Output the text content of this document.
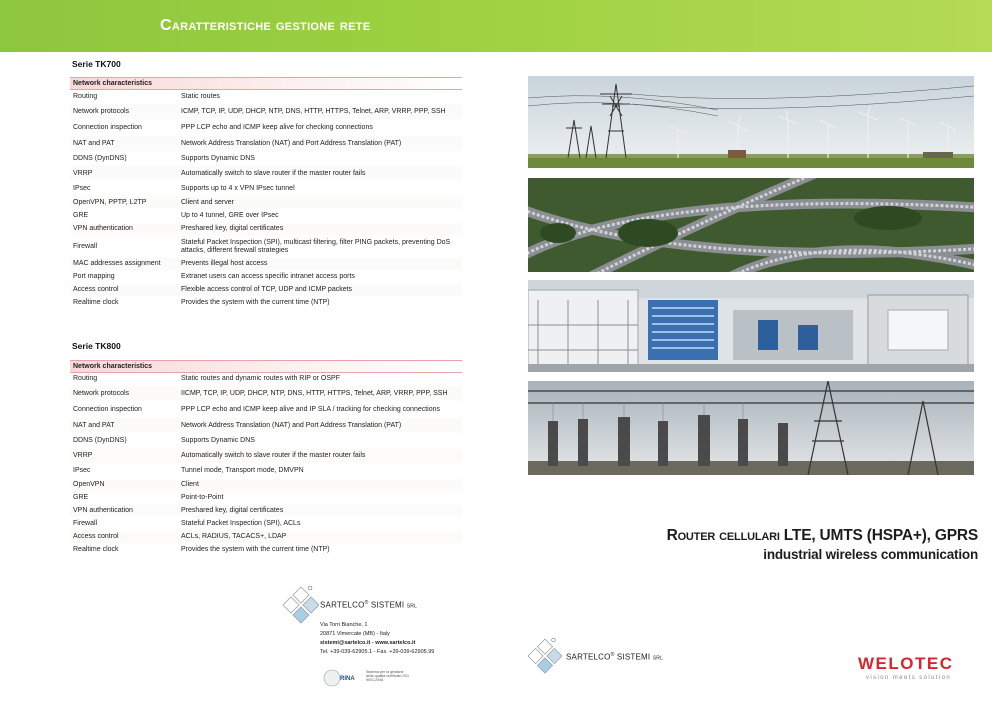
Caratteristiche gestione rete
Serie TK700
Network characteristics	
Routing	Static routes
Network protocols	ICMP, TCP, IP, UDP, DHCP, NTP, DNS, HTTP, HTTPS, Telnet, ARP, VRRP, PPP, SSH
Connection inspection	PPP LCP echo and ICMP keep alive for checking connections
NAT and PAT	Network Address Translation (NAT) and Port Address Translation (PAT)
DDNS (DynDNS)	Supports Dynamic DNS
VRRP	Automatically switch to slave router if the master router fails
IPsec	Supports up to 4 x VPN IPsec tunnel
OpenVPN, PPTP, L2TP	Client and server
GRE	Up to 4 tunnel, GRE over IPsec
VPN authentication	Preshared key, digital certificates
Firewall	Stateful Packet Inspection (SPI), multicast filtering, filter PING packets, preventing DoS attacks, different firewall strategies
MAC addresses assignment	Prevents illegal host access
Port mapping	Extranet users can access specific intranet access ports
Access control	Flexible access control of TCP, UDP and ICMP packets
Realtime clock	Provides the system with the current time (NTP)
Serie TK800
Network characteristics	
Routing	Static routes and dynamic routes with RIP or OSPF
Network protocols	IICMP, TCP, IP, UDP, DHCP, NTP, DNS, HTTP, HTTPS, Telnet, ARP, VRRP, PPP, SSH
Connection inspection	PPP LCP echo and ICMP keep alive and IP SLA / tracking for checking connections
NAT and PAT	Network Address Translation (NAT) and Port Address Translation (PAT)
DDNS (DynDNS)	Supports Dynamic DNS
VRRP	Automatically switch to slave router if the master router fails
IPsec	Tunnel mode, Transport mode, DMVPN
OpenVPN	Client
GRE	Point-to-Point
VPN authentication	Preshared key, digital certificates
Firewall	Stateful Packet Inspection (SPI), ACLs
Access control	ACLs, RADIUS, TACACS+, LDAP
Realtime clock	Provides the system with the current time (NTP)
Router cellulari LTE, UMTS (HSPA+), GPRS
industrial wireless communication
SARTELCO® SISTEMI SRL
Via Torri Bianche, 1
20871 Vimercate (MB) - Italy
sistemi@sartelco.it - www.sartelco.it
Tel. +39-039-62905.1 - Fax. +39-039-62905.99
RINA
Sistema per la gestione della qualità certificato ISO 9001:2008
SARTELCO® SISTEMI SRL	WELOTEC
vision meets solution
